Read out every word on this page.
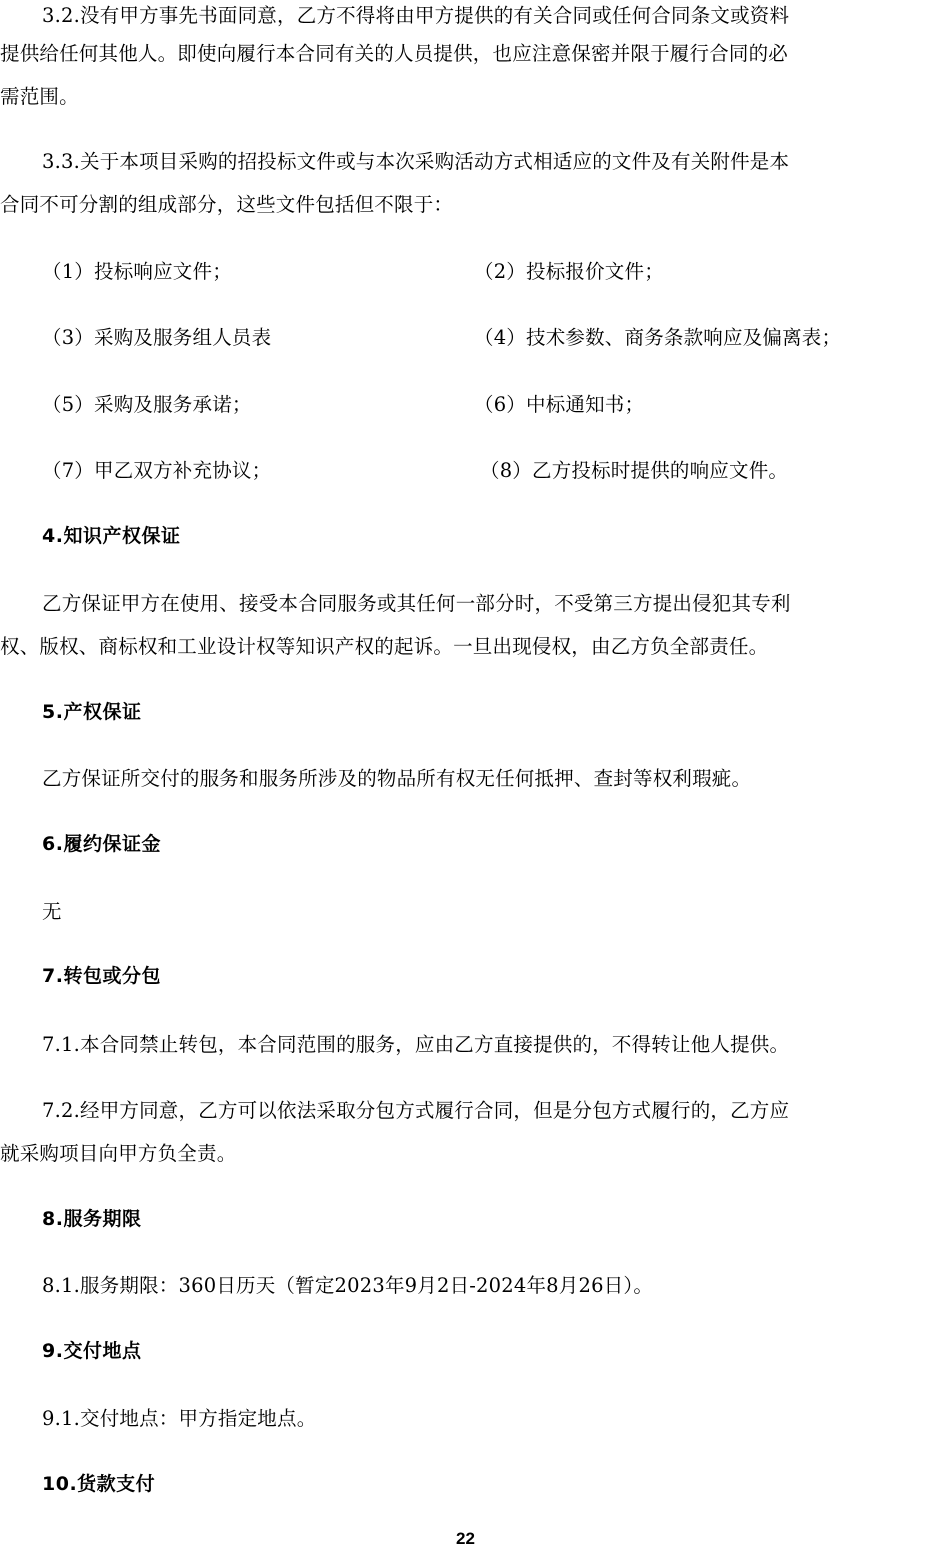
3.2.没有甲方事先书面同意，乙方不得将由甲方提供的有关合同或任何合同条文或资料
提供给任何其他人。即使向履行本合同有关的人员提供，也应注意保密并限于履行合同的必
需范围。
3.3.关于本项目采购的招投标文件或与本次采购活动方式相适应的文件及有关附件是本
合同不可分割的组成部分，这些文件包括但不限于：
（1）投标响应文件；	（2）投标报价文件；
（3）采购及服务组人员表	（4）技术参数、商务条款响应及偏离表；
（5）采购及服务承诺；	（6）中标通知书；
（7）甲乙双方补充协议；	（8）乙方投标时提供的响应文件。
4.知识产权保证
乙方保证甲方在使用、接受本合同服务或其任何一部分时，不受第三方提出侵犯其专利
权、版权、商标权和工业设计权等知识产权的起诉。一旦出现侵权，由乙方负全部责任。
5.产权保证
乙方保证所交付的服务和服务所涉及的物品所有权无任何抵押、查封等权利瑕疵。
6.履约保证金
无
7.转包或分包
7.1.本合同禁止转包，本合同范围的服务，应由乙方直接提供的，不得转让他人提供。
7.2.经甲方同意，乙方可以依法采取分包方式履行合同，但是分包方式履行的，乙方应
就采购项目向甲方负全责。
8.服务期限
8.1.服务期限：360日历天（暂定2023年9月2日-2024年8月26日）。
9.交付地点
9.1.交付地点：甲方指定地点。
10.货款支付
22
